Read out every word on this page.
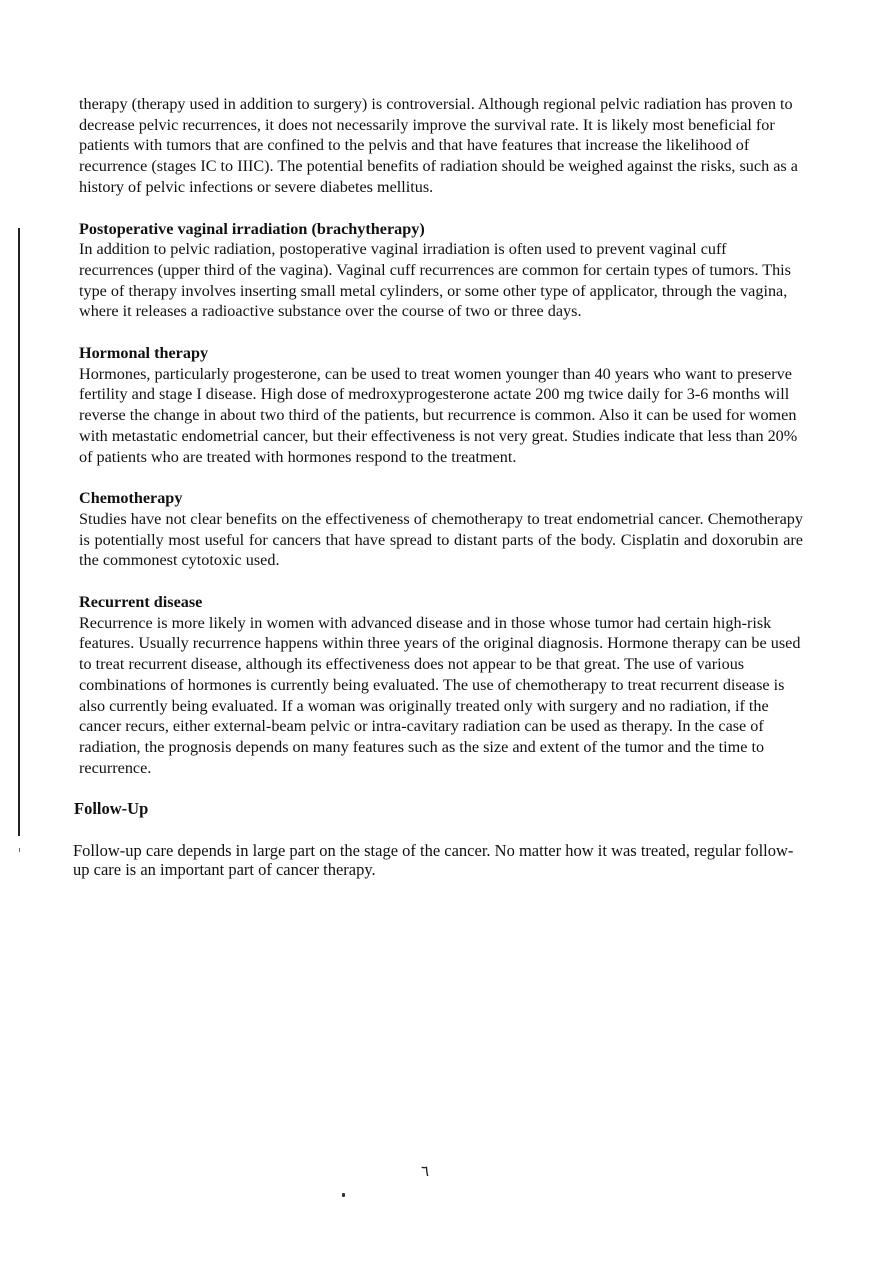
therapy (therapy used in addition to surgery) is controversial. Although regional pelvic radiation has proven to decrease pelvic recurrences, it does not necessarily improve the survival rate. It is likely most beneficial for patients with tumors that are confined to the pelvis and that have features that increase the likelihood of recurrence (stages IC to IIIC). The potential benefits of radiation should be weighed against the risks, such as a history of pelvic infections or severe diabetes mellitus.

Postoperative vaginal irradiation (brachytherapy)

In addition to pelvic radiation, postoperative vaginal irradiation is often used to prevent vaginal cuff recurrences (upper third of the vagina). Vaginal cuff recurrences are common for certain types of tumors. This type of therapy involves inserting small metal cylinders, or some other type of applicator, through the vagina, where it releases a radioactive substance over the course of two or three days.

Hormonal therapy

Hormones, particularly progesterone, can be used to treat women younger than 40 years who want to preserve fertility and stage I disease. High dose of medroxyprogesterone actate 200 mg twice daily for 3-6 months will reverse the change in about two third of the patients, but recurrence is common. Also it can be used for women with metastatic endometrial cancer, but their effectiveness is not very great. Studies indicate that less than 20% of patients who are treated with hormones respond to the treatment.

Chemotherapy

Studies have not clear benefits on the effectiveness of chemotherapy to treat endometrial cancer. Chemotherapy is potentially most useful for cancers that have spread to distant parts of the body. Cisplatin and doxorubin are the commonest cytotoxic used.

Recurrent disease

Recurrence is more likely in women with advanced disease and in those whose tumor had certain high-risk features. Usually recurrence happens within three years of the original diagnosis. Hormone therapy can be used to treat recurrent disease, although its effectiveness does not appear to be that great. The use of various combinations of hormones is currently being evaluated. The use of chemotherapy to treat recurrent disease is also currently being evaluated. If a woman was originally treated only with surgery and no radiation, if the cancer recurs, either external-beam pelvic or intra-cavitary radiation can be used as therapy. In the case of radiation, the prognosis depends on many features such as the size and extent of the tumor and the time to recurrence.

Follow-Up

Follow-up care depends in large part on the stage of the cancer. No matter how it was treated, regular follow-up care is an important part of cancer therapy.

٦
